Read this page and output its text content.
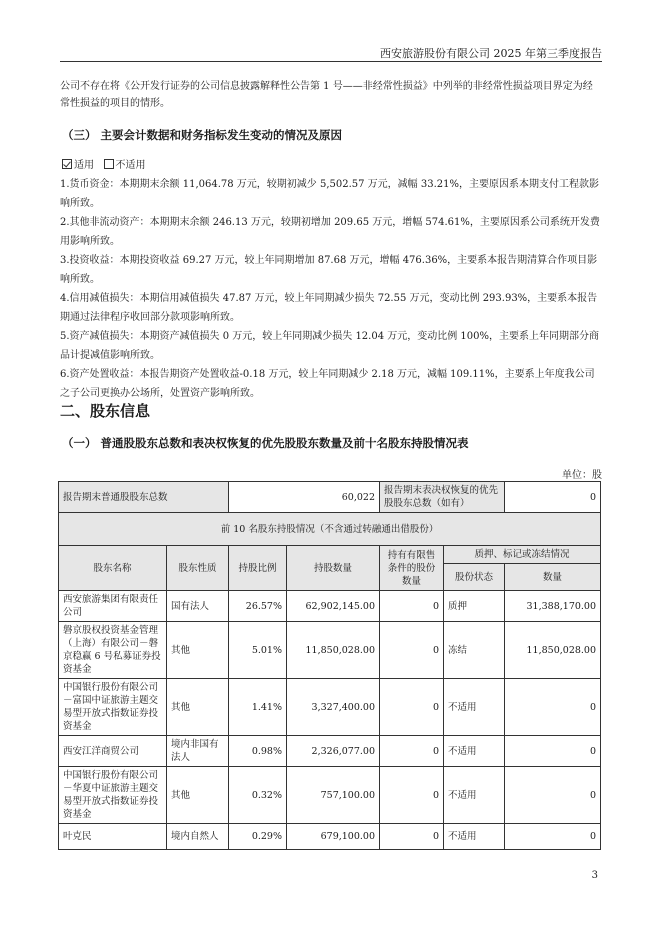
西安旅游股份有限公司 2025 年第三季度报告
公司不存在将《公开发行证券的公司信息披露解释性公告第 1 号——非经常性损益》中列举的非经常性损益项目界定为经常性损益的项目的情形。
（三） 主要会计数据和财务指标发生变动的情况及原因
适用 不适用
1.货币资金：本期期末余额 11,064.78 万元，较期初减少 5,502.57 万元，减幅 33.21%，主要原因系本期支付工程款影响所致。
2.其他非流动资产：本期期末余额 246.13 万元，较期初增加 209.65 万元，增幅 574.61%，主要原因系公司系统开发费用影响所致。
3.投资收益：本期投资收益 69.27 万元，较上年同期增加 87.68 万元，增幅 476.36%，主要系本报告期清算合作项目影响所致。
4.信用减值损失：本期信用减值损失 47.87 万元，较上年同期减少损失 72.55 万元，变动比例 293.93%，主要系本报告期通过法律程序收回部分款项影响所致。
5.资产减值损失：本期资产减值损失 0 万元，较上年同期减少损失 12.04 万元，变动比例 100%，主要系上年同期部分商品计提减值影响所致。
6.资产处置收益：本报告期资产处置收益-0.18 万元，较上年同期减少 2.18 万元，减幅 109.11%，主要系上年度我公司之子公司更换办公场所，处置资产影响所致。
二、股东信息
（一） 普通股股东总数和表决权恢复的优先股股东数量及前十名股东持股情况表
单位：股
报告期末普通股股东总数		60,022		报告期末表决权恢复的优先股股东总数（如有）		0
前 10 名股东持股情况（不含通过转融通出借股份）						
股东名称	股东性质	持股比例	持股数量	持有有限售条件的股份数量	质押、标记或冻结情况	
					股份状态	数量
西安旅游集团有限责任公司	国有法人	26.57%	62,902,145.00	0	质押	31,388,170.00
磐京股权投资基金管理（上海）有限公司－磐京稳赢 6 号私募证券投资基金	其他	5.01%	11,850,028.00	0	冻结	11,850,028.00
中国银行股份有限公司－富国中证旅游主题交易型开放式指数证券投资基金	其他	1.41%	3,327,400.00	0	不适用	0
西安江洋商贸公司	境内非国有法人	0.98%	2,326,077.00	0	不适用	0
中国银行股份有限公司－华夏中证旅游主题交易型开放式指数证券投资基金	其他	0.32%	757,100.00	0	不适用	0
叶克民	境内自然人	0.29%	679,100.00	0	不适用	0
3
